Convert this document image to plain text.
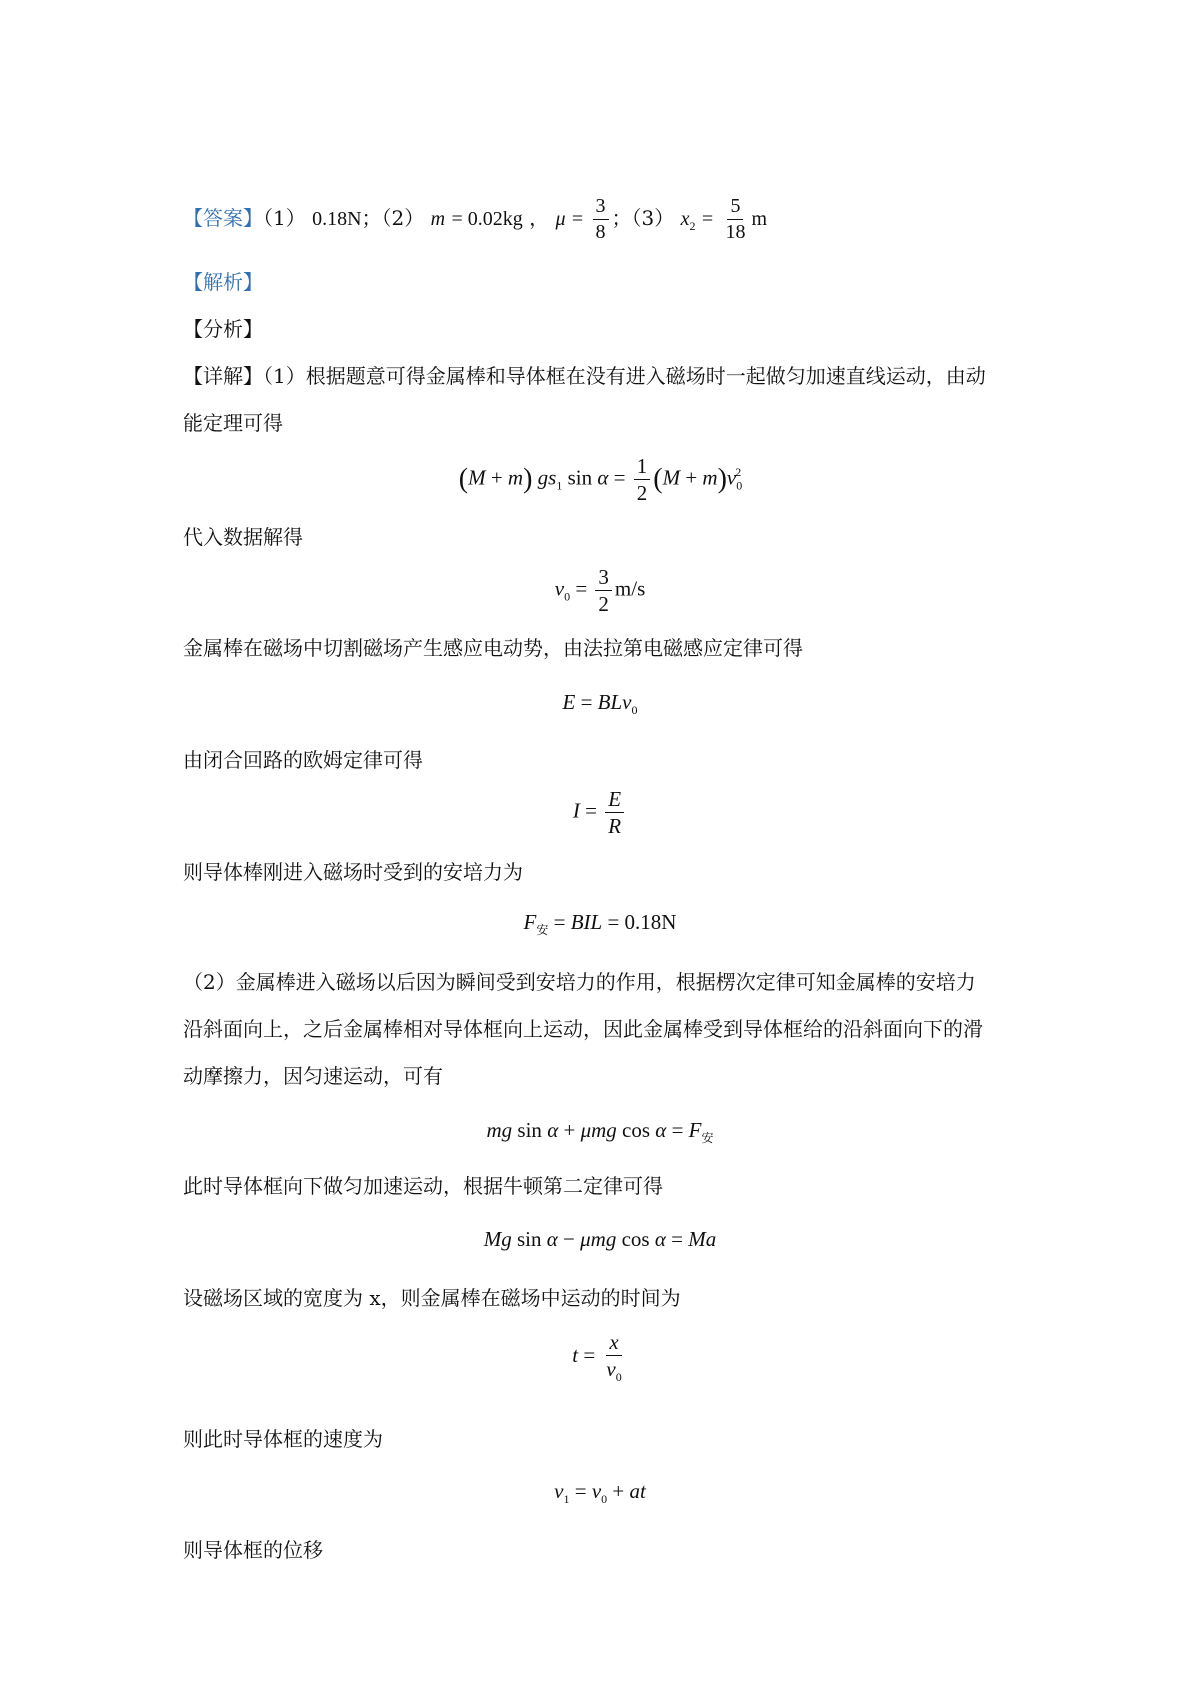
【答案】（1） 0.18N；（2） m = 0.02kg ， $\mu = \frac{3}{8}$ ；（3） $x_2 = \frac{5}{18}$ m
【解析】
【分析】
【详解】（1）根据题意可得金属棒和导体框在没有进入磁场时一起做匀加速直线运动，由动
能定理可得
(M + m) $gs_1$ $\sin \alpha = \frac{1}{2} (M + m)v_0^2$
代入数据解得
$v_0 = \frac{3}{2} m/s$
金属棒在磁场中切割磁场产生感应电动势，由法拉第电磁感应定律可得
E = BLv$_0$
由闭合回路的欧姆定律可得
$I = \frac{E}{R}$
则导体棒刚进入磁场时受到的安培力为
$F_安$ = BIL = 0.18N
（2）金属棒进入磁场以后因为瞬间受到安培力的作用，根据楞次定律可知金属棒的安培力
沿斜面向上，之后金属棒相对导体框向上运动，因此金属棒受到导体框给的沿斜面向下的滑
动摩擦力，因匀速运动，可有
mg sin α + μmg $\cos \alpha = F_安$
此时导体框向下做匀加速运动，根据牛顿第二定律可得
Mg sin α − μmg cos α = Ma
设磁场区域的宽度为 x，则金属棒在磁场中运动的时间为
$t = \frac{x}{v_0}$
则此时导体框的速度为
$v_1 = v_0$ + at
则导体框的位移
